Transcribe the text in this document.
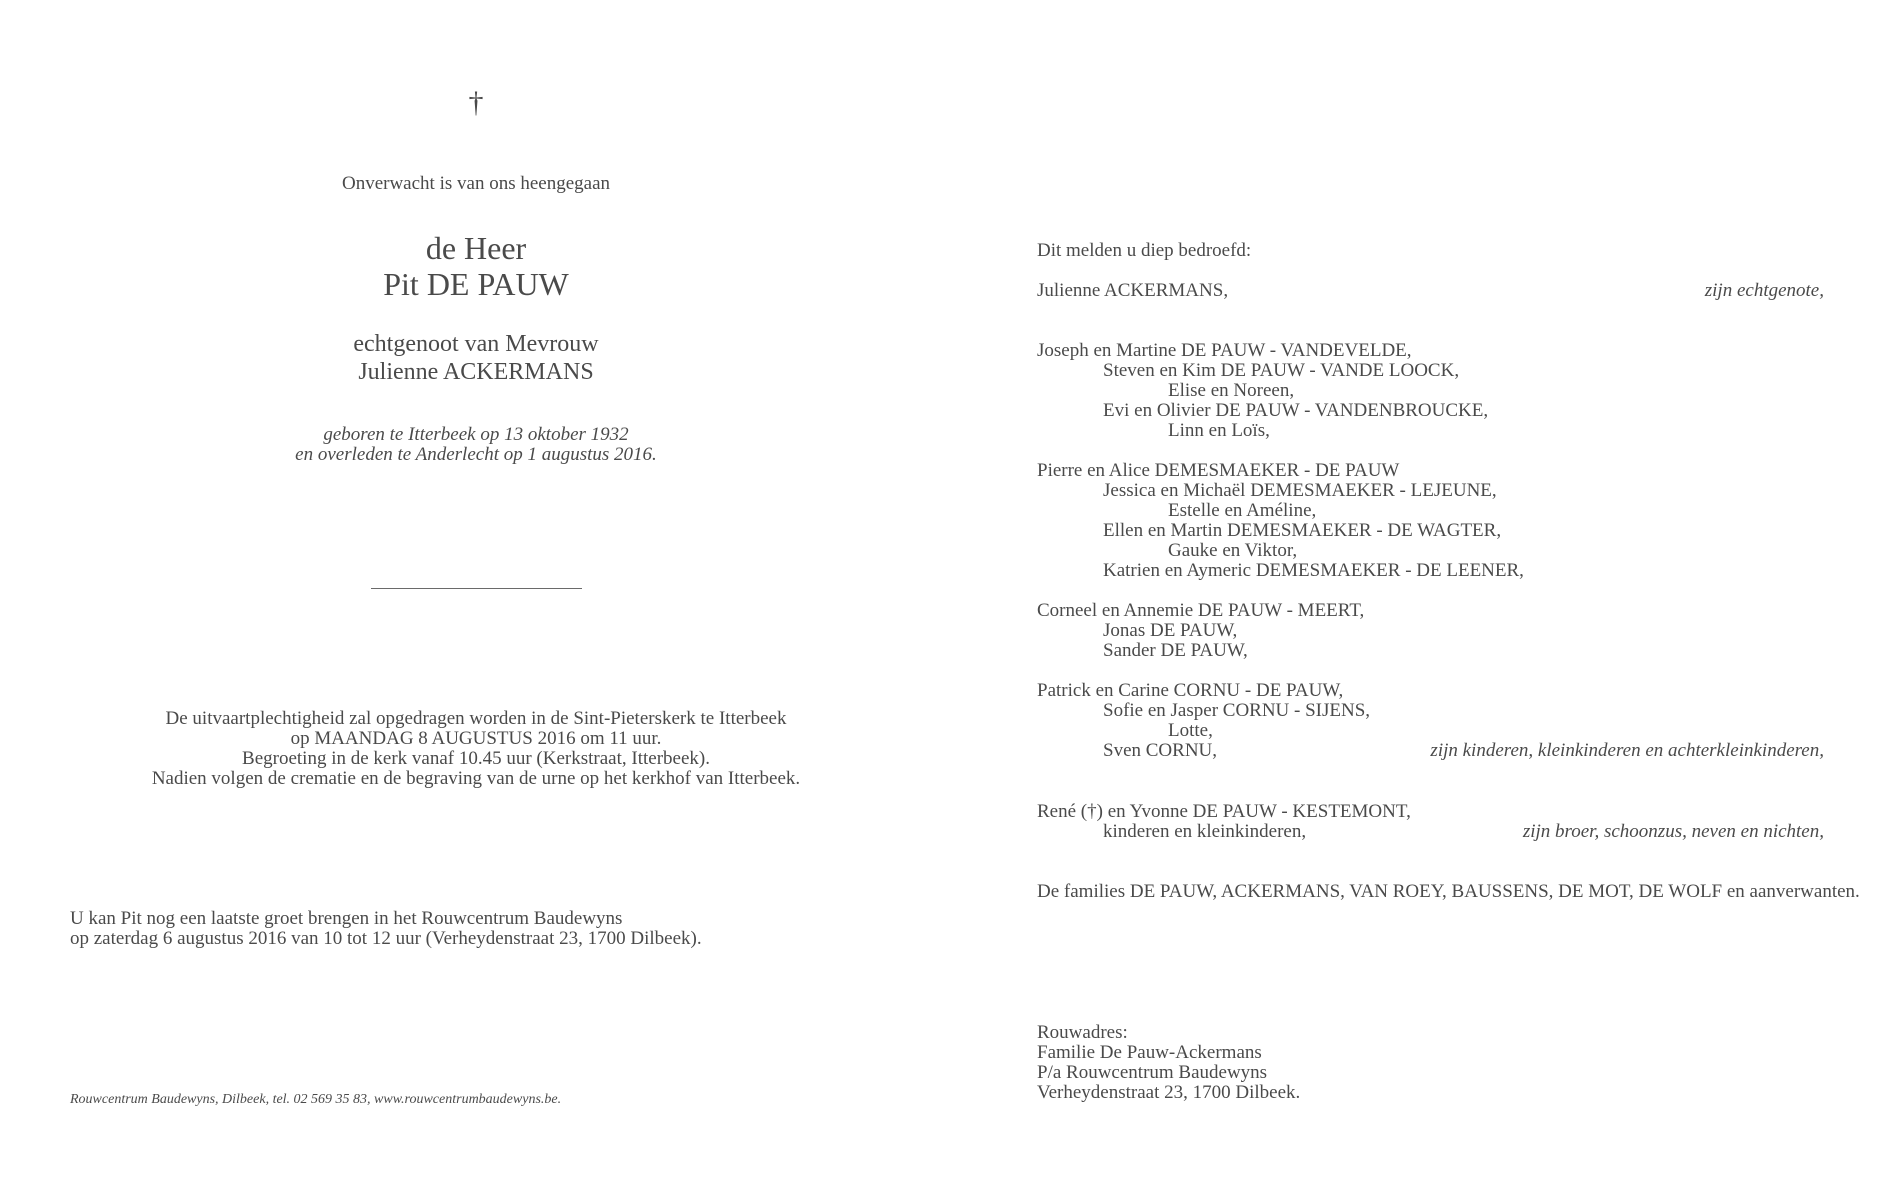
†
Onverwacht is van ons heengegaan
de Heer
Pit DE PAUW
echtgenoot van Mevrouw
Julienne ACKERMANS
geboren te Itterbeek op 13 oktober 1932
en overleden te Anderlecht op 1 augustus 2016.
De uitvaartplechtigheid zal opgedragen worden in de Sint-Pieterskerk te Itterbeek
op MAANDAG 8 AUGUSTUS 2016 om 11 uur.
Begroeting in de kerk vanaf 10.45 uur (Kerkstraat, Itterbeek).
Nadien volgen de crematie en de begraving van de urne op het kerkhof van Itterbeek.
U kan Pit nog een laatste groet brengen in het Rouwcentrum Baudewyns
op zaterdag 6 augustus 2016 van 10 tot 12 uur (Verheydenstraat 23, 1700 Dilbeek).
Rouwcentrum Baudewyns, Dilbeek, tel. 02 569 35 83, www.rouwcentrumbaudewyns.be.
Dit melden u diep bedroefd:
Julienne ACKERMANS,	zijn echtgenote,
Joseph en Martine DE PAUW - VANDEVELDE,
Steven en Kim DE PAUW - VANDE LOOCK,
Elise en Noreen,
Evi en Olivier DE PAUW - VANDENBROUCKE,
Linn en Loïs,
Pierre en Alice DEMESMAEKER - DE PAUW
Jessica en Michaël DEMESMAEKER - LEJEUNE,
Estelle en Améline,
Ellen en Martin DEMESMAEKER - DE WAGTER,
Gauke en Viktor,
Katrien en Aymeric DEMESMAEKER - DE LEENER,
Corneel en Annemie DE PAUW - MEERT,
Jonas DE PAUW,
Sander DE PAUW,
Patrick en Carine CORNU - DE PAUW,
Sofie en Jasper CORNU - SIJENS,
Lotte,
Sven CORNU,	zijn kinderen, kleinkinderen en achterkleinkinderen,
René (†) en Yvonne DE PAUW - KESTEMONT,
kinderen en kleinkinderen,	zijn broer, schoonzus, neven en nichten,
De families DE PAUW, ACKERMANS, VAN ROEY, BAUSSENS, DE MOT, DE WOLF en aanverwanten.
Rouwadres:
Familie De Pauw-Ackermans
P/a Rouwcentrum Baudewyns
Verheydenstraat 23, 1700 Dilbeek.
